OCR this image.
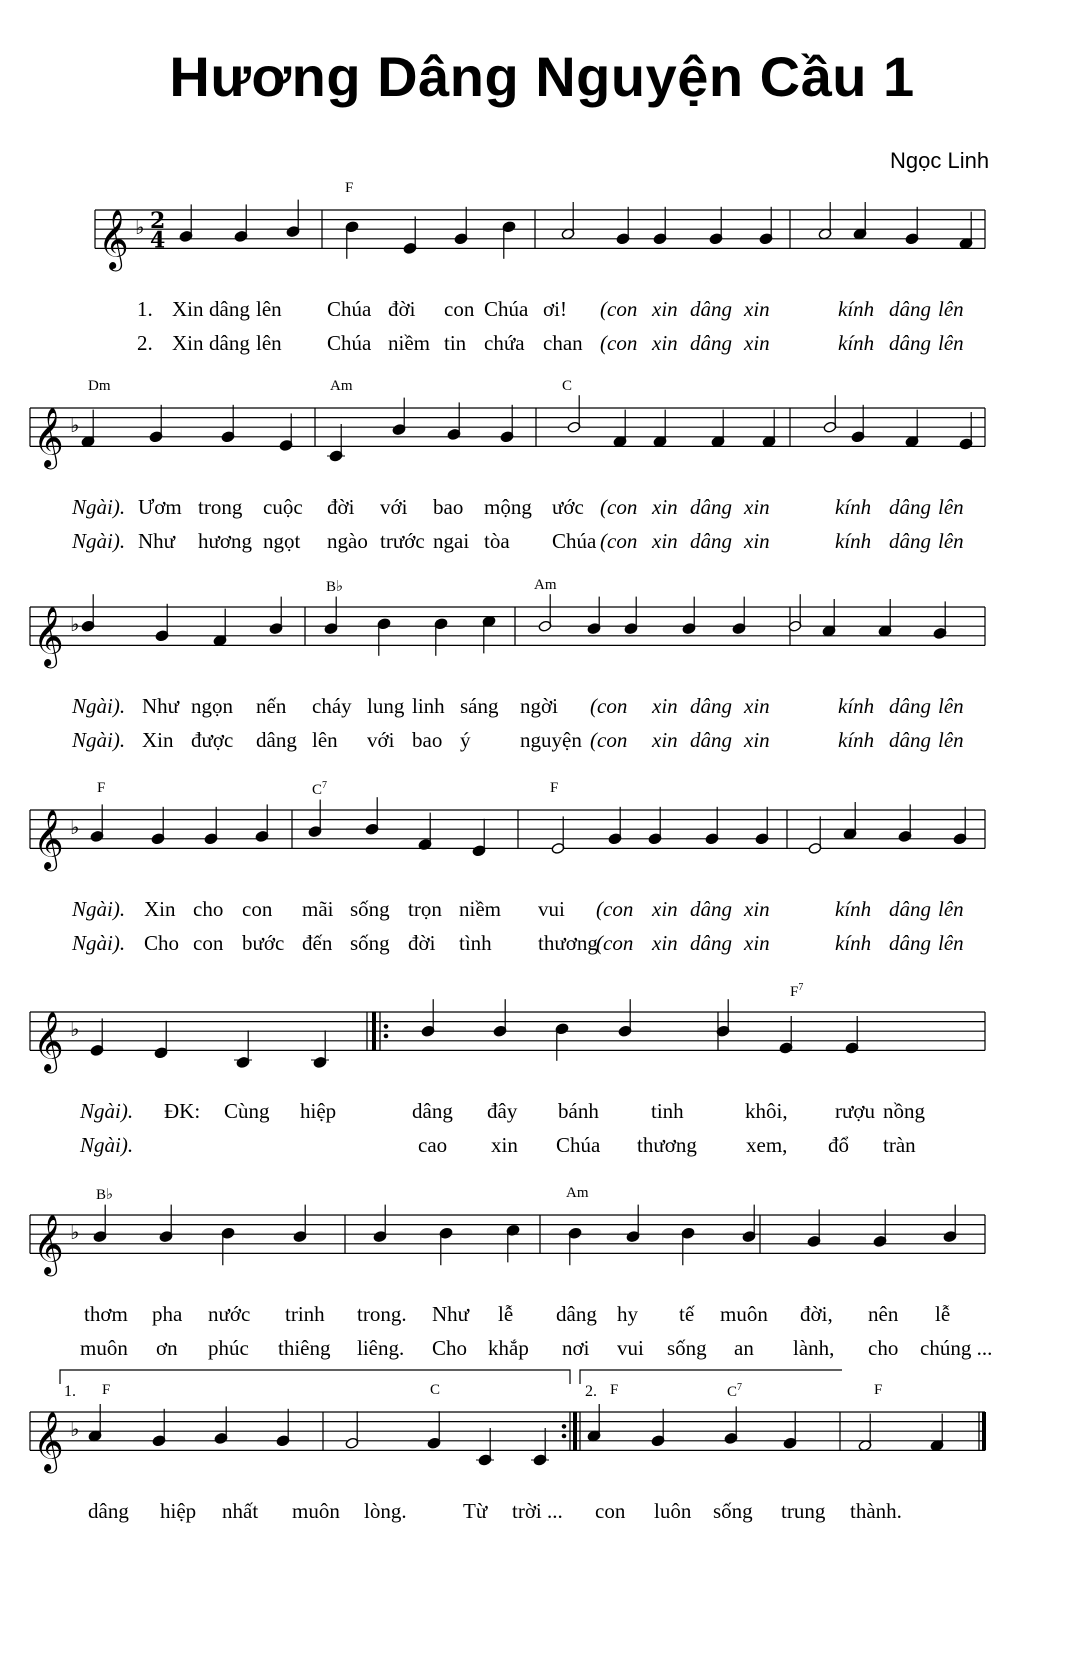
Hương Dâng Nguyện Cầu 1
Ngọc Linh
𝄞 ♭ 2
4
F
1. Xin dâng lên Chúa đời con Chúa ơi! (con xin dâng xin	kính dâng lên
2. Xin dâng lên Chúa niềm tin chứa chan (con xin dâng xin	kính dâng lên
𝄞 ♭
Dm	Am	C
Ngài). Ươm trong cuộc đời với bao mộng ước (con xin dâng xin	kính dâng lên
Ngài). Như hương ngọt ngào trước ngai tòa Chúa (con xin dâng xin	kính dâng lên
𝄞 ♭
B♭	Am
Ngài). Như ngọn nến cháy lung linh sáng ngời (con xin dâng xin	kính dâng lên
Ngài). Xin được dâng lên với bao ý nguyện (con xin dâng xin	kính dâng lên
𝄞 ♭
F	$C^7$	F
Ngài). Xin cho con mãi sống trọn niềm vui (con xin dâng xin	kính dâng lên
Ngài). Cho con bước đến sống đời tình thương
(con xin dâng xin	kính dâng lên
𝄞 ♭
$F^7$
Ngài). ĐK: Cùng hiệp	dâng đây bánh tinh	khôi, rượu nồng
Ngài).	cao xin Chúa thương xem, đổ tràn
𝄞 ♭
B♭	Am
thơm pha nước trinh trong. Như lễ dâng hy tế muôn đời, nên lễ
muôn ơn phúc thiêng liêng. Cho khắp nơi vui sống an lành, cho chúng ...
𝄞 ♭
1.	2.
F	C	F	$C^7$	F
dâng hiệp nhất muôn lòng.	Từ trời ... con luôn sống trung thành.
